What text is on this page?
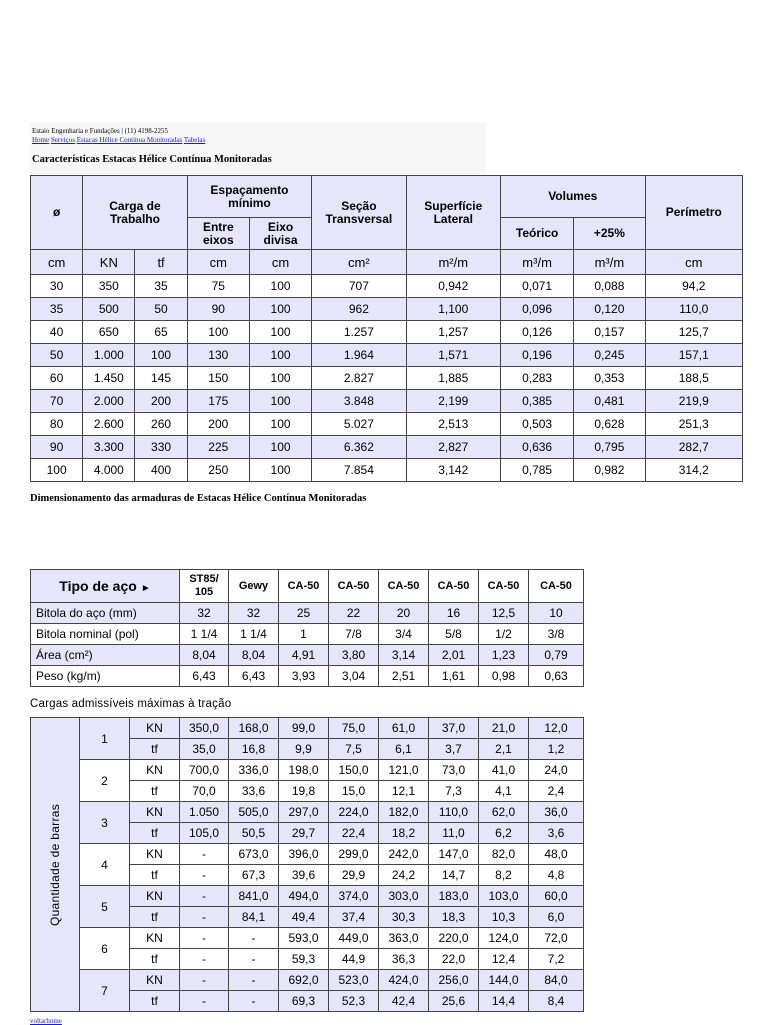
Estaio Engenharia e Fundações | (11) 4198-2255
Home Serviços Estacas Hélice Contínua Monitoradas Tabelas
Características Estacas Hélice Contínua Monitoradas
ø	Carga de Trabalho		Espaçamento mínimo		Seção Transversal	Superfície Lateral	Volumes		Perímetro
			Entre eixos	Eixo divisa			Teórico	+25%	
cm	KN	tf	cm	cm	cm²	m²/m	m³/m	m³/m	cm
30	350	35	75	100	707	0,942	0,071	0,088	94,2
35	500	50	90	100	962	1,100	0,096	0,120	110,0
40	650	65	100	100	1.257	1,257	0,126	0,157	125,7
50	1.000	100	130	100	1.964	1,571	0,196	0,245	157,1
60	1.450	145	150	100	2.827	1,885	0,283	0,353	188,5
70	2.000	200	175	100	3.848	2,199	0,385	0,481	219,9
80	2.600	260	200	100	5.027	2,513	0,503	0,628	251,3
90	3.300	330	225	100	6.362	2,827	0,636	0,795	282,7
100	4.000	400	250	100	7.854	3,142	0,785	0,982	314,2
Dimensionamento das armaduras de Estacas Hélice Contínua Monitoradas
Tipo de aço ►	ST85/ 105	Gewy	CA-50	CA-50	CA-50	CA-50	CA-50	CA-50
Bitola do aço (mm)	32	32	25	22	20	16	12,5	10
Bitola nominal (pol)	1 1/4	1 1/4	1	7/8	3/4	5/8	1/2	3/8
Área (cm²)	8,04	8,04	4,91	3,80	3,14	2,01	1,23	0,79
Peso (kg/m)	6,43	6,43	3,93	3,04	2,51	1,61	0,98	0,63
Cargas admissíveis máximas à tração
Quantidade de barras	1	KN	350,0	168,0	99,0	75,0	61,0	37,0	21,0	12,0
		tf	35,0	16,8	9,9	7,5	6,1	3,7	2,1	1,2
	2	KN	700,0	336,0	198,0	150,0	121,0	73,0	41,0	24,0
		tf	70,0	33,6	19,8	15,0	12,1	7,3	4,1	2,4
	3	KN	1.050	505,0	297,0	224,0	182,0	110,0	62,0	36,0
		tf	105,0	50,5	29,7	22,4	18,2	11,0	6,2	3,6
	4	KN	-	673,0	396,0	299,0	242,0	147,0	82,0	48,0
		tf	-	67,3	39,6	29,9	24,2	14,7	8,2	4,8
	5	KN	-	841,0	494,0	374,0	303,0	183,0	103,0	60,0
		tf	-	84,1	49,4	37,4	30,3	18,3	10,3	6,0
	6	KN	-	-	593,0	449,0	363,0	220,0	124,0	72,0
		tf	-	-	59,3	44,9	36,3	22,0	12,4	7,2
	7	KN	-	-	692,0	523,0	424,0	256,0	144,0	84,0
		tf	-	-	69,3	52,3	42,4	25,6	14,4	8,4
voltarhome
